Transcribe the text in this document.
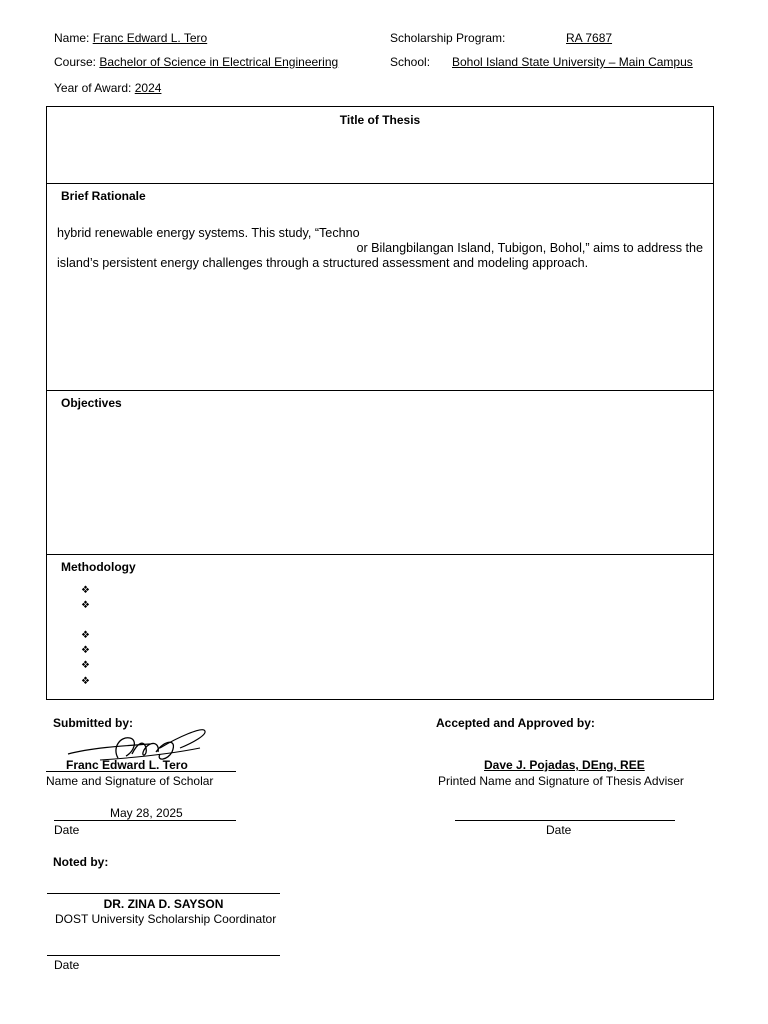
Name: Franc Edward L. Tero	Scholarship Program:	RA 7687
Course: Bachelor of Science in Electrical Engineering	School: Bohol Island State University – Main Campus
Year of Award: 2024
Title of Thesis
Brief Rationale
hybrid renewable energy systems. This study, “Techno
or Bilangbilangan Island, Tubigon, Bohol,” aims to address the
island’s persistent energy challenges through a structured assessment and modeling approach.
Objectives
Methodology
❖
❖
❖
❖
❖
❖
Submitted by:
Franc Edward L. Tero
Name and Signature of Scholar
May 28, 2025
Date
Accepted and Approved by:
Dave J. Pojadas, DEng, REE
Printed Name and Signature of Thesis Adviser
Date
Noted by:
DR. ZINA D. SAYSON
DOST University Scholarship Coordinator
Date
